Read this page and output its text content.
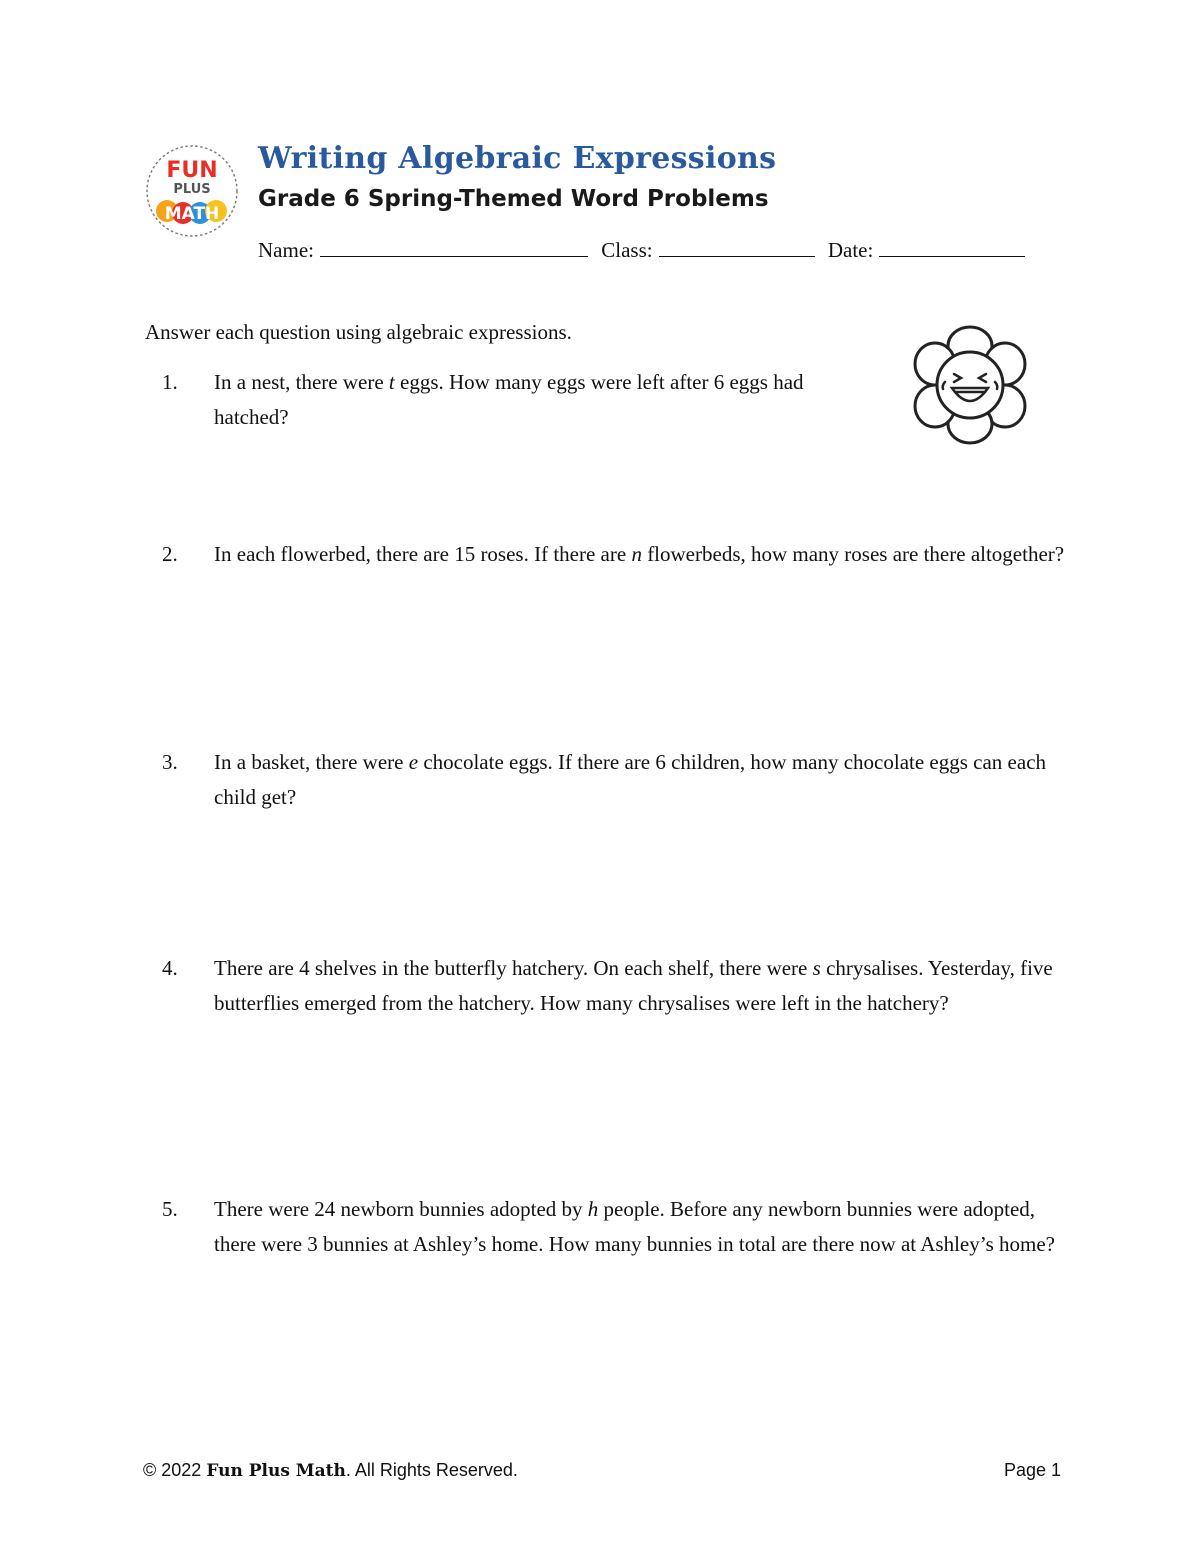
FUN
PLUS
MATH
Writing Algebraic Expressions
Grade 6 Spring-Themed Word Problems
Name:	Class:	Date:
Answer each question using algebraic expressions.
1. In a nest, there were t eggs. How many eggs were left after 6 eggs had hatched?
2. In each flowerbed, there are 15 roses. If there are n flowerbeds, how many roses are there altogether?
3. In a basket, there were e chocolate eggs. If there are 6 children, how many chocolate eggs can each child get?
4. There are 4 shelves in the butterfly hatchery. On each shelf, there were s chrysalises. Yesterday, five butterflies emerged from the hatchery. How many chrysalises were left in the hatchery?
5. There were 24 newborn bunnies adopted by h people. Before any newborn bunnies were adopted, there were 3 bunnies at Ashley’s home. How many bunnies in total are there now at Ashley’s home?
© 2022 Fun Plus Math. All Rights Reserved.	Page 1
